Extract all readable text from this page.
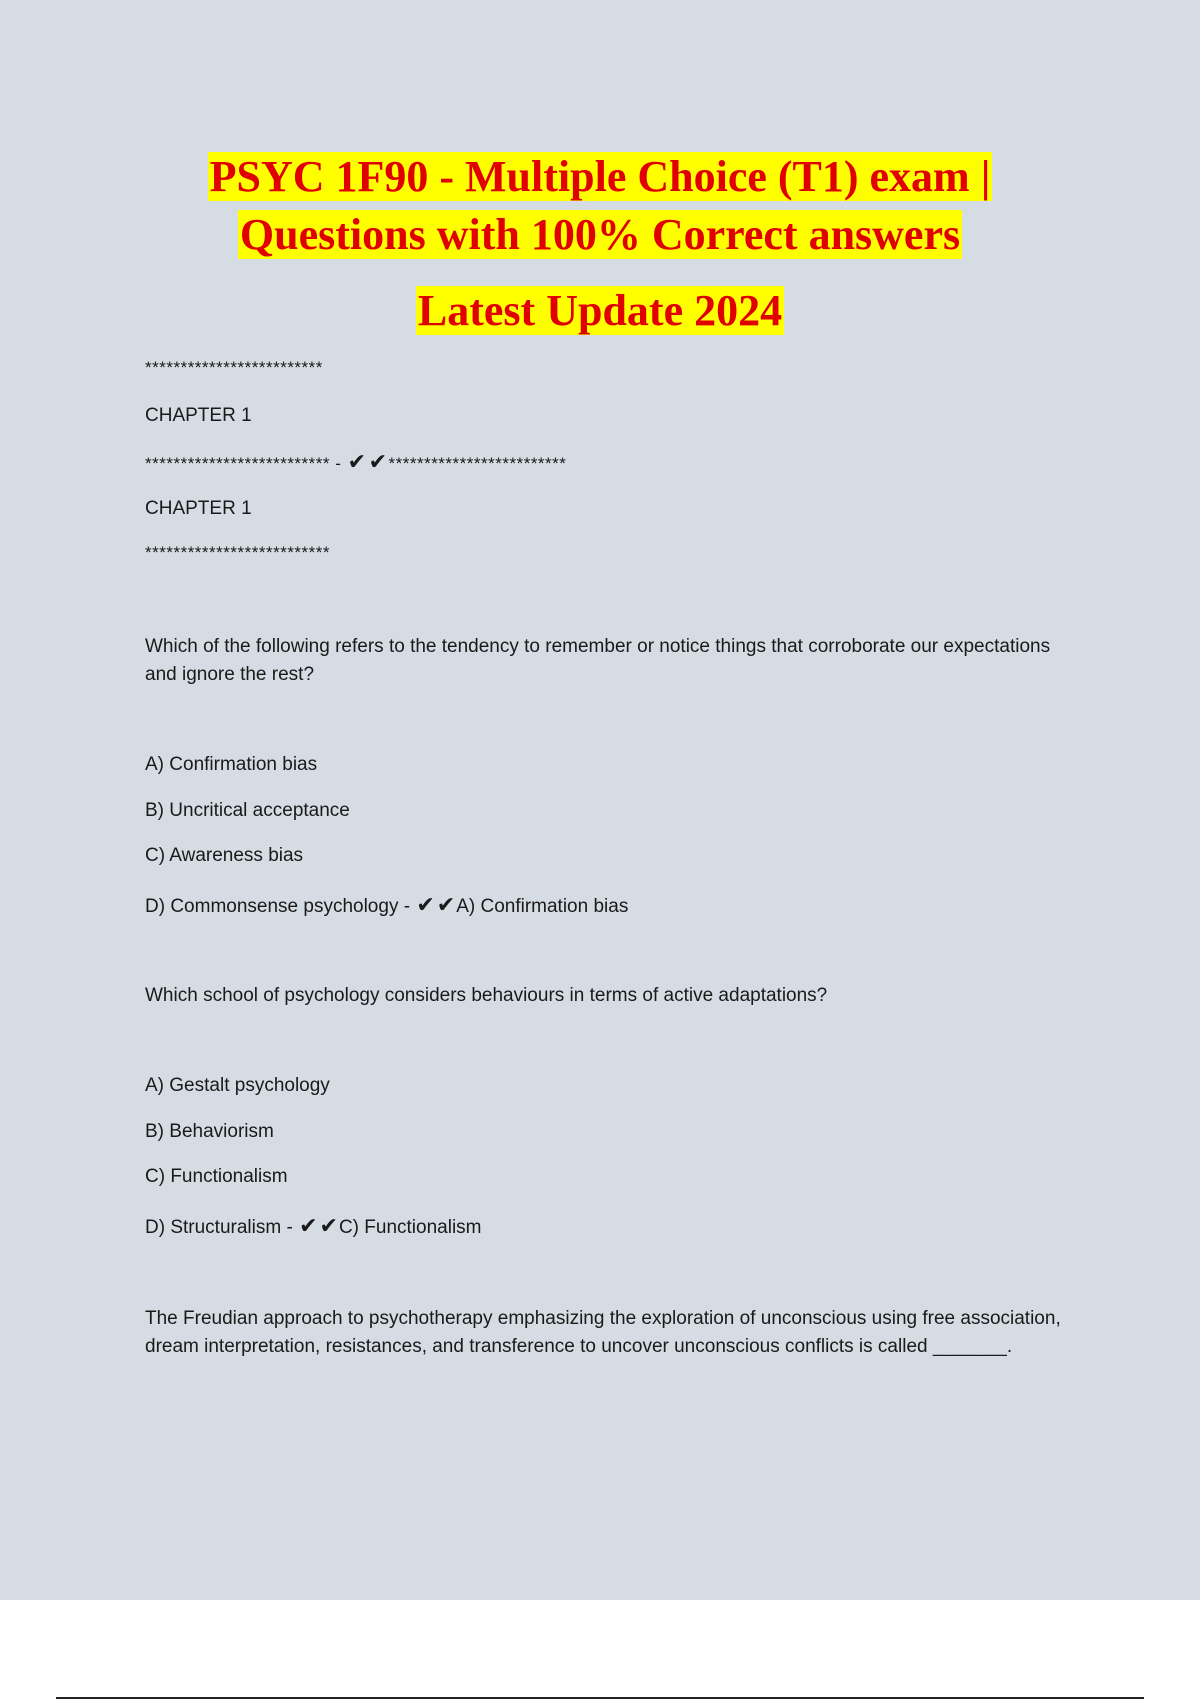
PSYC 1F90 - Multiple Choice (T1) exam |
Questions with 100% Correct answers
Latest Update 2024
*************************
CHAPTER 1
************************** - ✔✔*************************
CHAPTER 1
**************************
Which of the following refers to the tendency to remember or notice things that corroborate our expectations and ignore the rest?
A) Confirmation bias
B) Uncritical acceptance
C) Awareness bias
D) Commonsense psychology - ✔✔A) Confirmation bias
Which school of psychology considers behaviours in terms of active adaptations?
A) Gestalt psychology
B) Behaviorism
C) Functionalism
D) Structuralism - ✔✔C) Functionalism
The Freudian approach to psychotherapy emphasizing the exploration of unconscious using free association, dream interpretation, resistances, and transference to uncover unconscious conflicts is called _______.
